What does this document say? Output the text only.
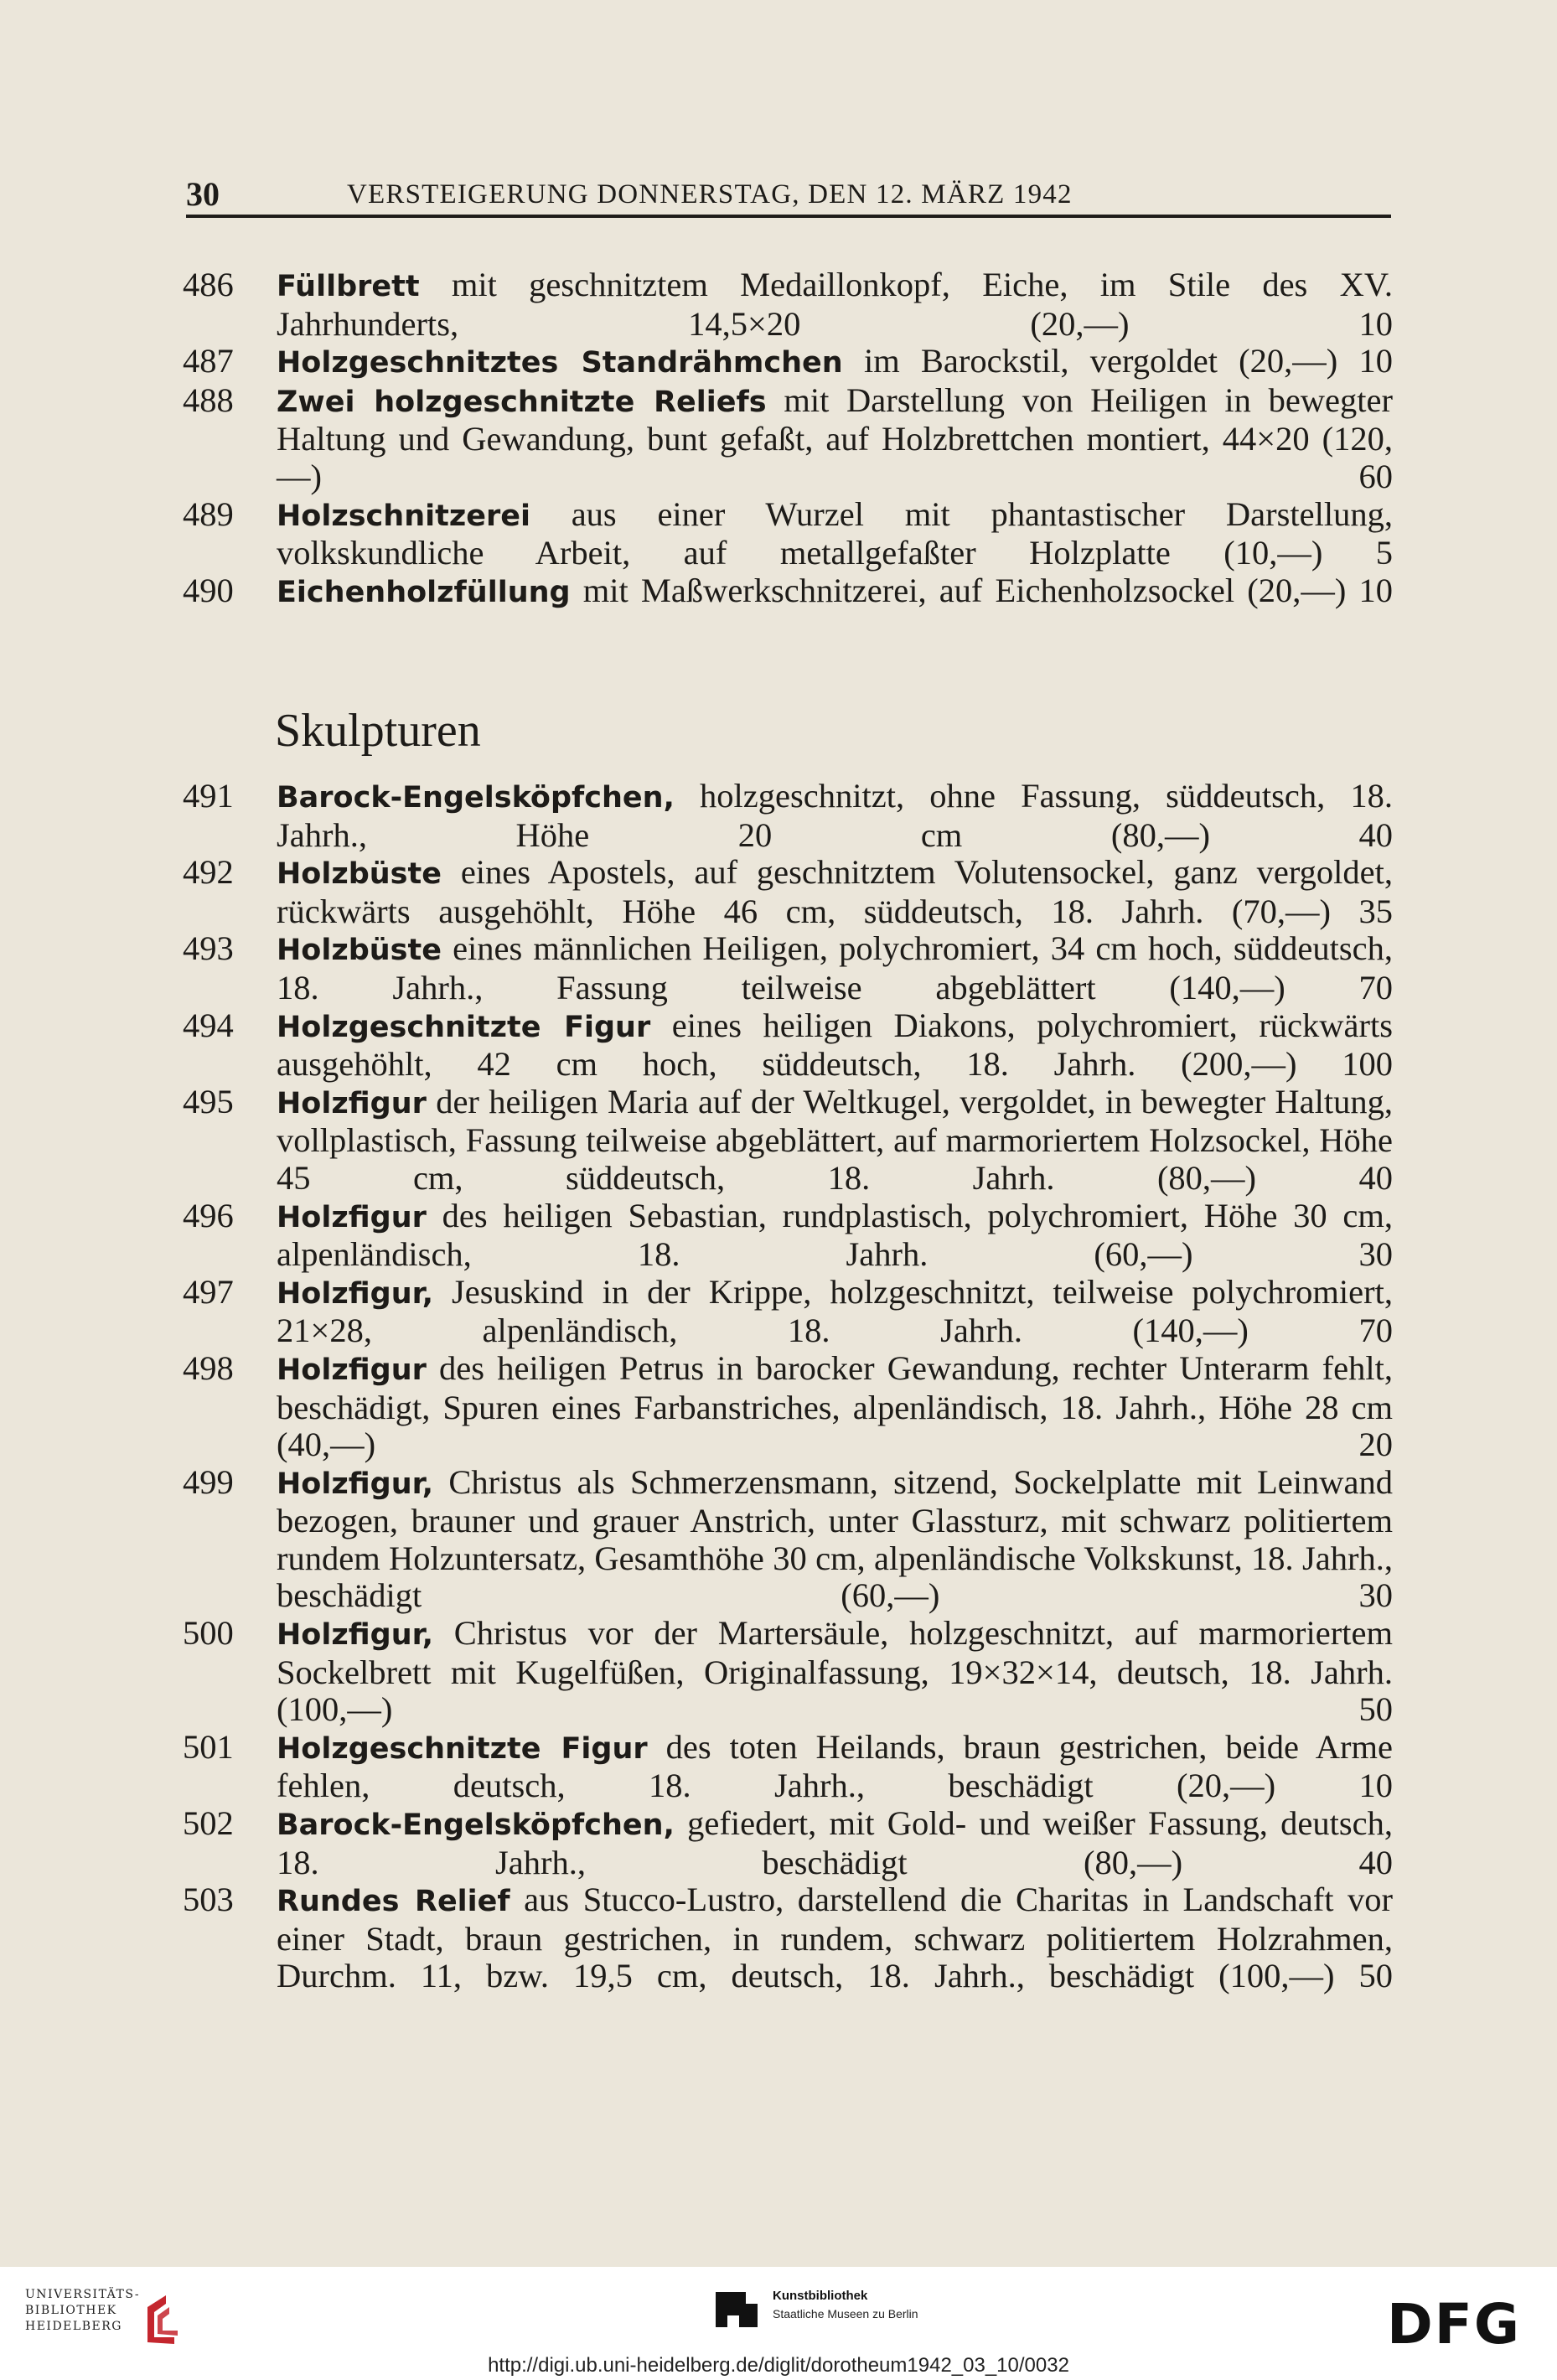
30	VERSTEIGERUNG DONNERSTAG, DEN 12. MÄRZ 1942
486 Füllbrett mit geschnitztem Medaillonkopf, Eiche, im Stile des XV. Jahrhunderts, 14,5×20 (20,—)	10
487 Holzgeschnitztes Standrähmchen im Barockstil, vergoldet (20,—) 10
488 Zwei holzgeschnitzte Reliefs mit Darstellung von Heiligen in bewegter Haltung und Gewandung, bunt gefaßt, auf Holzbrettchen montiert, 44×20 (120,—)	60
489 Holzschnitzerei aus einer Wurzel mit phantastischer Darstellung, volkskundliche Arbeit, auf metallgefaßter Holzplatte (10,—) 5
490 Eichenholzfüllung mit Maßwerkschnitzerei, auf Eichenholzsockel (20,—) 10
Skulpturen
491 Barock-Engelsköpfchen, holzgeschnitzt, ohne Fassung, süddeutsch, 18. Jahrh., Höhe 20 cm (80,—)	40
492 Holzbüste eines Apostels, auf geschnitztem Volutensockel, ganz vergoldet, rückwärts ausgehöhlt, Höhe 46 cm, süddeutsch, 18. Jahrh. (70,—) 35
493 Holzbüste eines männlichen Heiligen, polychromiert, 34 cm hoch, süddeutsch, 18. Jahrh., Fassung teilweise abgeblättert (140,—) 70
494 Holzgeschnitzte Figur eines heiligen Diakons, polychromiert, rückwärts ausgehöhlt, 42 cm hoch, süddeutsch, 18. Jahrh. (200,—) 100
495 Holzfigur der heiligen Maria auf der Weltkugel, vergoldet, in bewegter Haltung, vollplastisch, Fassung teilweise abgeblättert, auf marmoriertem Holzsockel, Höhe 45 cm, süddeutsch, 18. Jahrh. (80,—)	40
496 Holzfigur des heiligen Sebastian, rundplastisch, polychromiert, Höhe 30 cm, alpenländisch, 18. Jahrh. (60,—)	30
497 Holzfigur, Jesuskind in der Krippe, holzgeschnitzt, teilweise polychromiert, 21×28, alpenländisch, 18. Jahrh. (140,—)	70
498 Holzfigur des heiligen Petrus in barocker Gewandung, rechter Unterarm fehlt, beschädigt, Spuren eines Farbanstriches, alpenländisch, 18. Jahrh., Höhe 28 cm (40,—)	20
499 Holzfigur, Christus als Schmerzensmann, sitzend, Sockelplatte mit Leinwand bezogen, brauner und grauer Anstrich, unter Glassturz, mit schwarz politiertem rundem Holzuntersatz, Gesamthöhe 30 cm, alpenländische Volkskunst, 18. Jahrh., beschädigt (60,—)	30
500 Holzfigur, Christus vor der Martersäule, holzgeschnitzt, auf marmoriertem Sockelbrett mit Kugelfüßen, Originalfassung, 19×32×14, deutsch, 18. Jahrh. (100,—)	50
501 Holzgeschnitzte Figur des toten Heilands, braun gestrichen, beide Arme fehlen, deutsch, 18. Jahrh., beschädigt (20,—) 10
502 Barock-Engelsköpfchen, gefiedert, mit Gold- und weißer Fassung, deutsch, 18. Jahrh., beschädigt (80,—)	40
503 Rundes Relief aus Stucco-Lustro, darstellend die Charitas in Landschaft vor einer Stadt, braun gestrichen, in rundem, schwarz politiertem Holzrahmen, Durchm. 11, bzw. 19,5 cm, deutsch, 18. Jahrh., beschädigt (100,—) 50
UNIVERSITÄTS-
BIBLIOTHEK
HEIDELBERG
Kunstbibliothek
Staatliche Museen zu Berlin	DFG
http://digi.ub.uni-heidelberg.de/diglit/dorotheum1942_03_10/0032
